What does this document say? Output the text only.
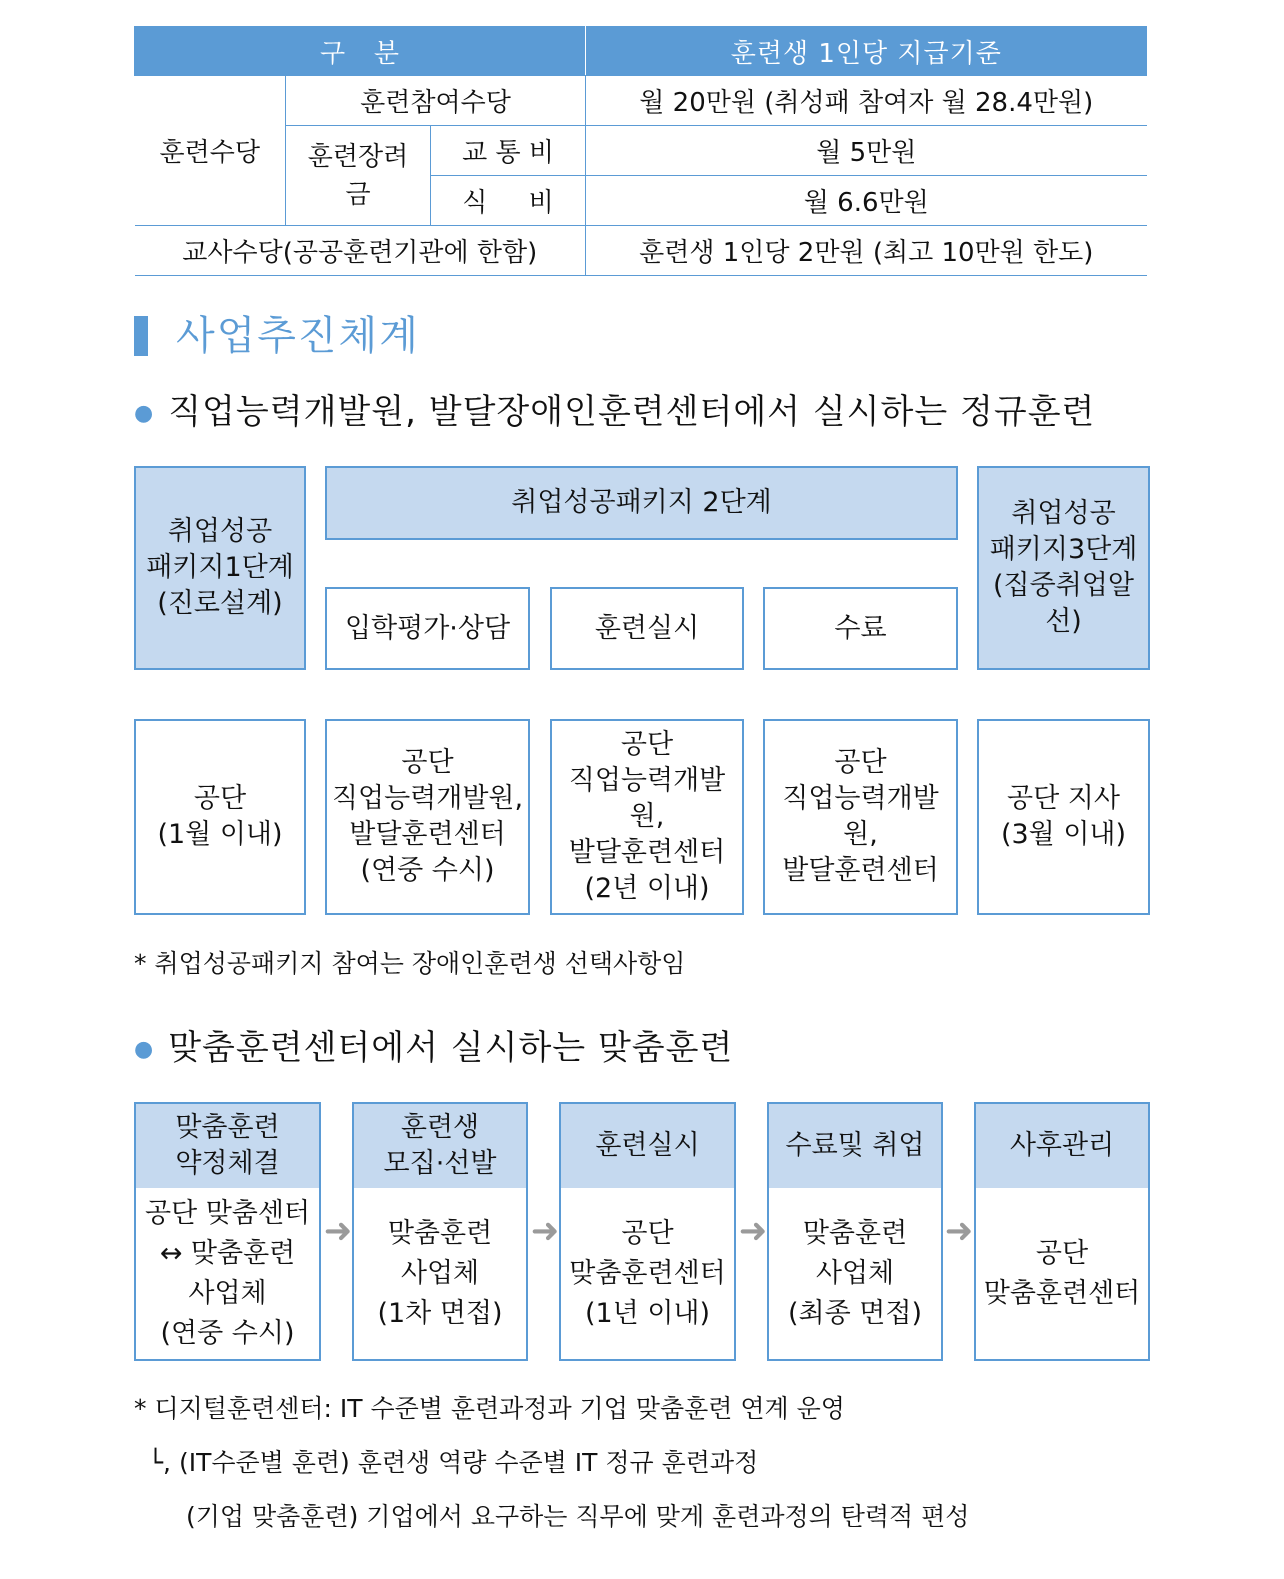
구   분			훈련생 1인당 지급기준
훈련수당	훈련참여수당		월 20만원 (취성패 참여자 월 28.4만원)
	훈련장려금	교 통 비	월 5만원
		식     비	월 6.6만원
교사수당(공공훈련기관에 한함)			훈련생 1인당 2만원 (최고 10만원 한도)
사업추진체계
● 직업능력개발원, 발달장애인훈련센터에서 실시하는 정규훈련
취업성공
패키지1단계
(진로설계)
취업성공패키지 2단계
입학평가·상담	훈련실시	수료
취업성공
패키지3단계
(집중취업알선)
공단
(1월 이내)
공단
직업능력개발원,
발달훈련센터
(연중 수시)
공단
직업능력개발
원,
발달훈련센터
(2년 이내)
공단
직업능력개발
원,
발달훈련센터
공단 지사
(3월 이내)
* 취업성공패키지 참여는 장애인훈련생 선택사항임
● 맞춤훈련센터에서 실시하는 맞춤훈련
맞춤훈련
약정체결
공단 맞춤센터
↔ 맞춤훈련
사업체
(연중 수시)
➜
훈련생
모집·선발
맞춤훈련
사업체
(1차 면접)
➜
훈련실시
공단
맞춤훈련센터
(1년 이내)
➜
수료및 취업
맞춤훈련
사업체
(최종 면접)
➜
사후관리
공단
맞춤훈련센터
* 디지털훈련센터: IT 수준별 훈련과정과 기업 맞춤훈련 연계 운영
└, (IT수준별 훈련) 훈련생 역량 수준별 IT 정규 훈련과정
(기업 맞춤훈련) 기업에서 요구하는 직무에 맞게 훈련과정의 탄력적 편성
